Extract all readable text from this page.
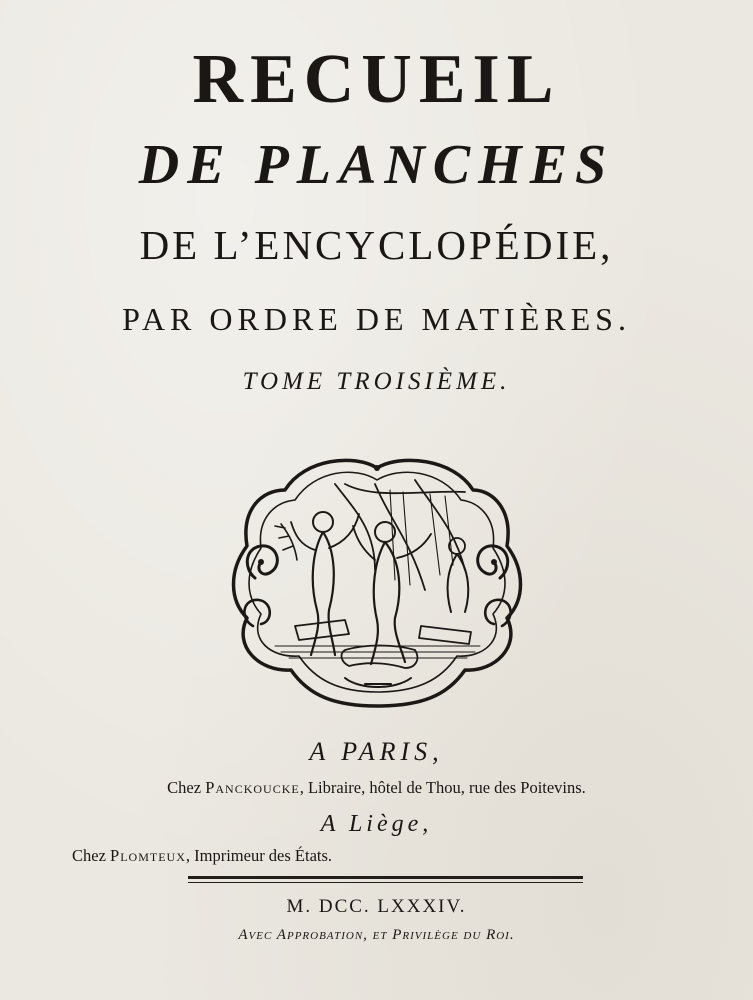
RECUEIL
DE PLANCHES
DE L’ENCYCLOPÉDIE,
PAR ORDRE DE MATIÈRES.
TOME TROISIÈME.
A PARIS,
Chez Panckoucke, Libraire, hôtel de Thou, rue des Poitevins.
A Liège,
Chez Plomteux, Imprimeur des États.
M. DCC. LXXXIV.
Avec Approbation, et Privilège du Roi.
